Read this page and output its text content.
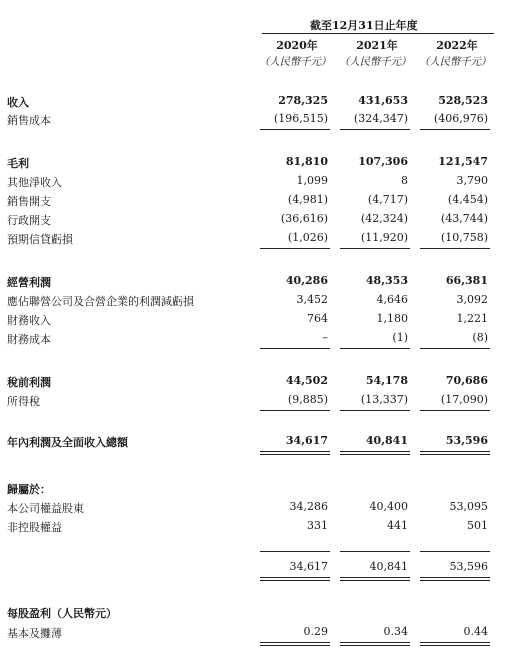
截至12月31日止年度
2020年	2021年	2022年
（人民幣千元） （人民幣千元） （人民幣千元）
收入	278,325	431,653	528,523
銷售成本	(196,515)	(324,347)	(406,976)
毛利	81,810	107,306	121,547
其他淨收入	1,099	8	3,790
銷售開支	(4,981)	(4,717)	(4,454)
行政開支	(36,616)	(42,324)	(43,744)
預期信貸虧損	(1,026)	(11,920)	(10,758)
經營利潤	40,286	48,353	66,381
應佔聯營公司及合營企業的利潤減虧損	3,452	4,646	3,092
財務收入	764	1,180	1,221
財務成本	–	(1)	(8)
稅前利潤	44,502	54,178	70,686
所得稅	(9,885)	(13,337)	(17,090)
年內利潤及全面收入總額	34,617	40,841	53,596
歸屬於：
本公司權益股東	34,286	40,400	53,095
非控股權益	331	441	501
34,617	40,841	53,596
每股盈利（人民幣元）
基本及攤薄	0.29	0.34	0.44
